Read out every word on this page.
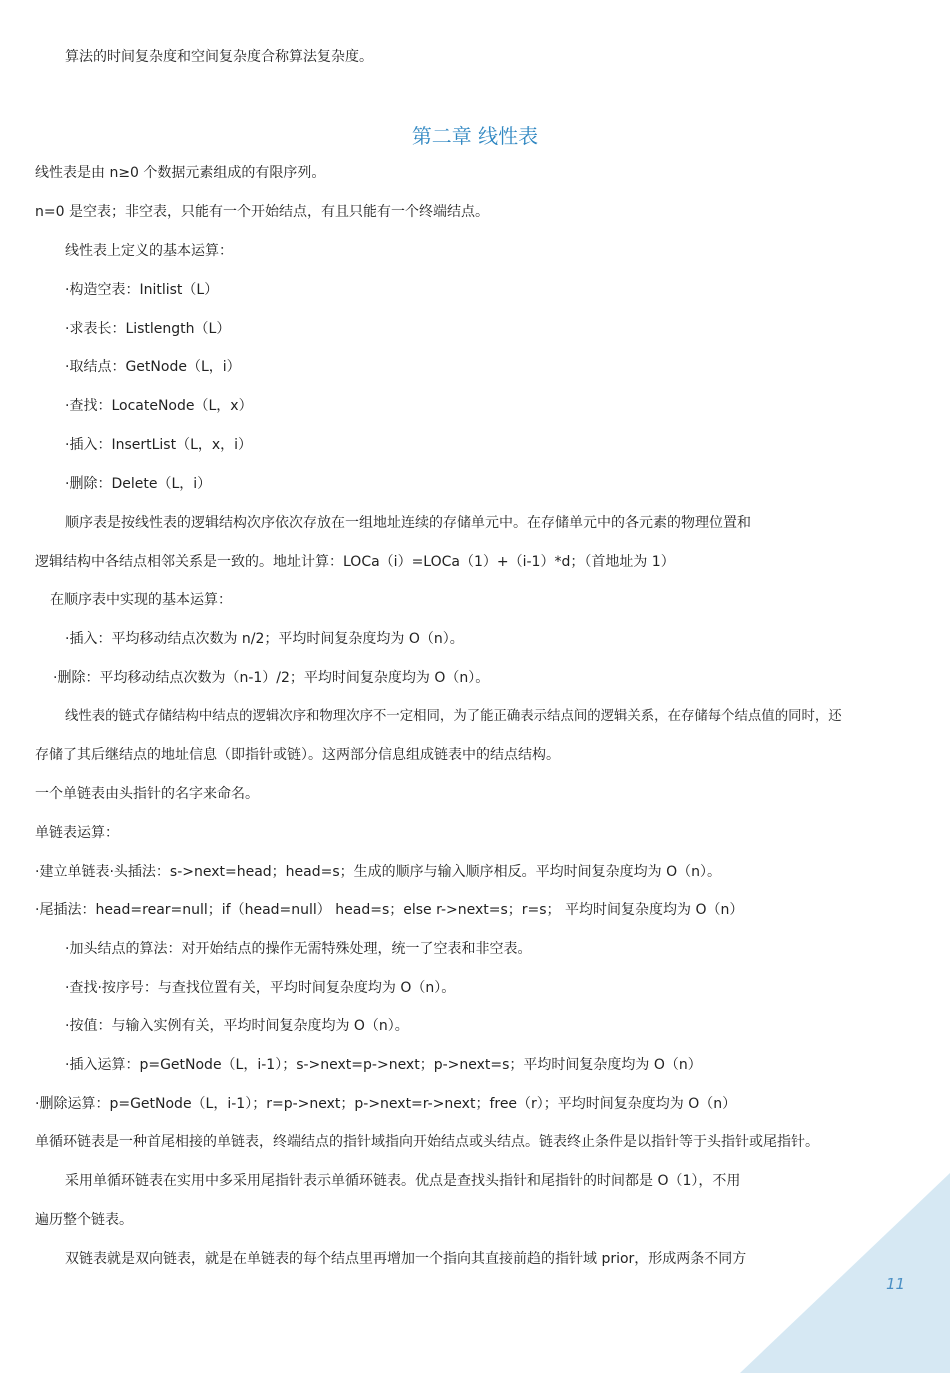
算法的时间复杂度和空间复杂度合称算法复杂度。
第二章 线性表
线性表是由 n≥0 个数据元素组成的有限序列。
n=0 是空表；非空表，只能有一个开始结点，有且只能有一个终端结点。
线性表上定义的基本运算：
·构造空表：Initlist（L）
·求表长：Listlength（L）
·取结点：GetNode（L，i）
·查找：LocateNode（L，x）
·插入：InsertList（L，x，i）
·删除：Delete（L，i）
顺序表是按线性表的逻辑结构次序依次存放在一组地址连续的存储单元中。在存储单元中的各元素的物理位置和
逻辑结构中各结点相邻关系是一致的。地址计算：LOCa（i）=LOCa（1）+（i-1）*d；（首地址为 1）
在顺序表中实现的基本运算：
·插入：平均移动结点次数为 n/2；平均时间复杂度均为 O（n）。
·删除：平均移动结点次数为（n-1）/2；平均时间复杂度均为 O（n）。
线性表的链式存储结构中结点的逻辑次序和物理次序不一定相同，为了能正确表示结点间的逻辑关系，在存储每个结点值的同时，还
存储了其后继结点的地址信息（即指针或链）。这两部分信息组成链表中的结点结构。
一个单链表由头指针的名字来命名。
单链表运算：
·建立单链表·头插法：s->next=head；head=s；生成的顺序与输入顺序相反。平均时间复杂度均为 O（n）。
·尾插法：head=rear=null；if（head=null） head=s；else r->next=s；r=s； 平均时间复杂度均为 O（n）
·加头结点的算法：对开始结点的操作无需特殊处理，统一了空表和非空表。
·查找·按序号：与查找位置有关，平均时间复杂度均为 O（n）。
·按值：与输入实例有关，平均时间复杂度均为 O（n）。
·插入运算：p=GetNode（L，i-1）；s->next=p->next；p->next=s；平均时间复杂度均为 O（n）
·删除运算：p=GetNode（L，i-1）；r=p->next；p->next=r->next；free（r）；平均时间复杂度均为 O（n）
单循环链表是一种首尾相接的单链表，终端结点的指针域指向开始结点或头结点。链表终止条件是以指针等于头指针或尾指针。
采用单循环链表在实用中多采用尾指针表示单循环链表。优点是查找头指针和尾指针的时间都是 O（1），不用
遍历整个链表。
双链表就是双向链表，就是在单链表的每个结点里再增加一个指向其直接前趋的指针域 prior，形成两条不同方
11
